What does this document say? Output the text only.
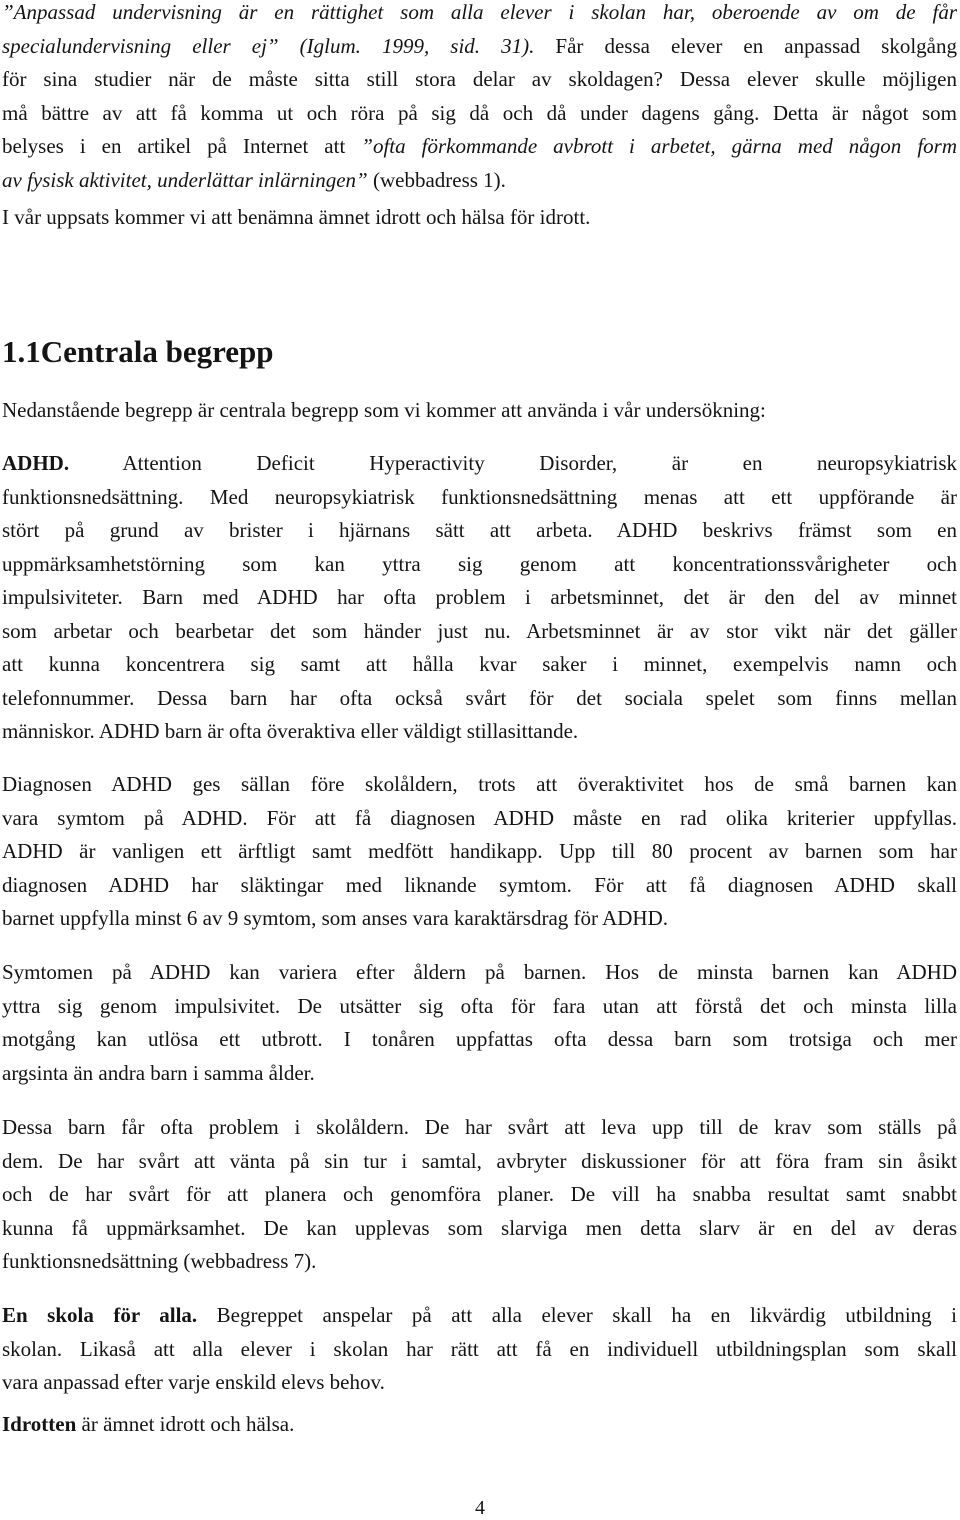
”Anpassad undervisning är en rättighet som alla elever i skolan har, oberoende av om de får
specialundervisning eller ej” (Iglum. 1999, sid. 31). Får dessa elever en anpassad skolgång
för sina studier när de måste sitta still stora delar av skoldagen? Dessa elever skulle möjligen
må bättre av att få komma ut och röra på sig då och då under dagens gång. Detta är något som
belyses i en artikel på Internet att ”ofta förkommande avbrott i arbetet, gärna med någon form
av fysisk aktivitet, underlättar inlärningen” (webbadress 1).
I vår uppsats kommer vi att benämna ämnet idrott och hälsa för idrott.
1.1Centrala begrepp
Nedanstående begrepp är centrala begrepp som vi kommer att använda i vår undersökning:
ADHD. Attention Deficit Hyperactivity Disorder, är en neuropsykiatrisk
funktionsnedsättning. Med neuropsykiatrisk funktionsnedsättning menas att ett uppförande är
stört på grund av brister i hjärnans sätt att arbeta. ADHD beskrivs främst som en
uppmärksamhetstörning som kan yttra sig genom att koncentrationssvårigheter och
impulsiviteter. Barn med ADHD har ofta problem i arbetsminnet, det är den del av minnet
som arbetar och bearbetar det som händer just nu. Arbetsminnet är av stor vikt när det gäller
att kunna koncentrera sig samt att hålla kvar saker i minnet, exempelvis namn och
telefonnummer. Dessa barn har ofta också svårt för det sociala spelet som finns mellan
människor. ADHD barn är ofta överaktiva eller väldigt stillasittande.
Diagnosen ADHD ges sällan före skolåldern, trots att överaktivitet hos de små barnen kan
vara symtom på ADHD. För att få diagnosen ADHD måste en rad olika kriterier uppfyllas.
ADHD är vanligen ett ärftligt samt medfött handikapp. Upp till 80 procent av barnen som har
diagnosen ADHD har släktingar med liknande symtom. För att få diagnosen ADHD skall
barnet uppfylla minst 6 av 9 symtom, som anses vara karaktärsdrag för ADHD.
Symtomen på ADHD kan variera efter åldern på barnen. Hos de minsta barnen kan ADHD
yttra sig genom impulsivitet. De utsätter sig ofta för fara utan att förstå det och minsta lilla
motgång kan utlösa ett utbrott. I tonåren uppfattas ofta dessa barn som trotsiga och mer
argsinta än andra barn i samma ålder.
Dessa barn får ofta problem i skolåldern. De har svårt att leva upp till de krav som ställs på
dem. De har svårt att vänta på sin tur i samtal, avbryter diskussioner för att föra fram sin åsikt
och de har svårt för att planera och genomföra planer. De vill ha snabba resultat samt snabbt
kunna få uppmärksamhet. De kan upplevas som slarviga men detta slarv är en del av deras
funktionsnedsättning (webbadress 7).
En skola för alla. Begreppet anspelar på att alla elever skall ha en likvärdig utbildning i
skolan. Likaså att alla elever i skolan har rätt att få en individuell utbildningsplan som skall
vara anpassad efter varje enskild elevs behov.
Idrotten är ämnet idrott och hälsa.
4
